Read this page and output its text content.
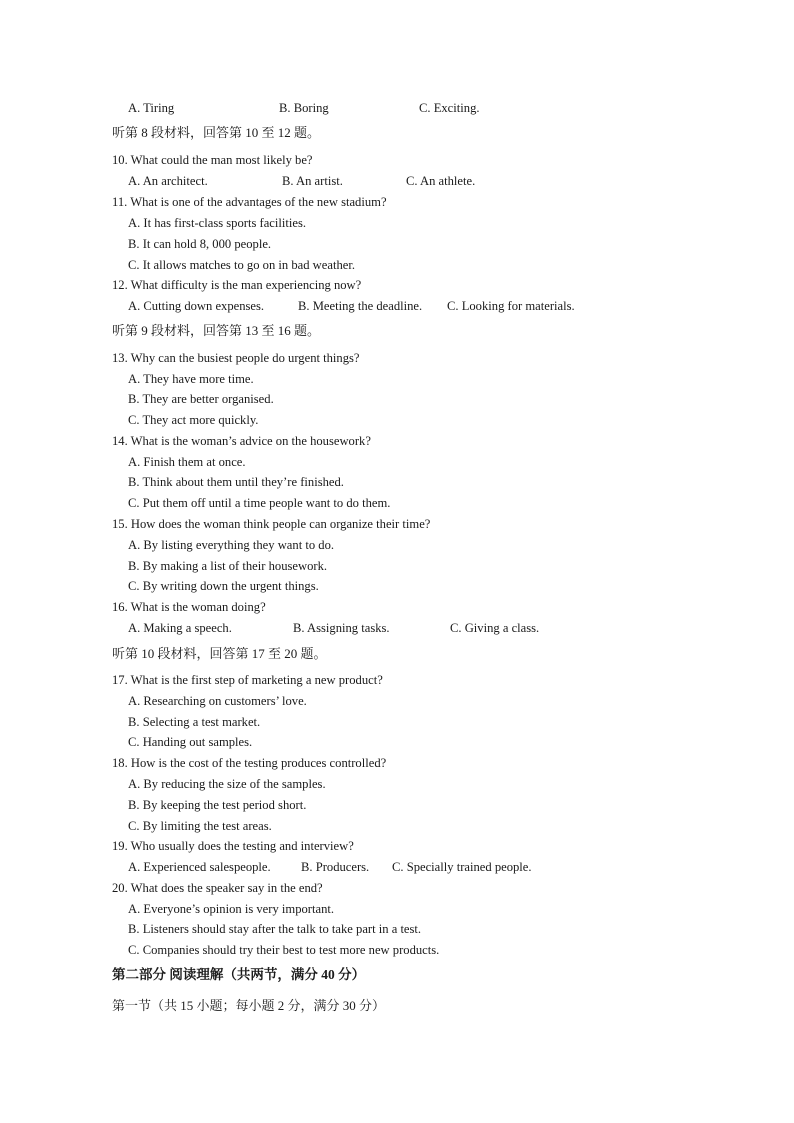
A. Tiring	B. Boring	C. Exciting.
听第 8 段材料，回答第 10 至 12 题。
10. What could the man most likely be?
A. An architect.	B. An artist.	C. An athlete.
11. What is one of the advantages of the new stadium?
A. It has first-class sports facilities.
B. It can hold 8, 000 people.
C. It allows matches to go on in bad weather.
12. What difficulty is the man experiencing now?
A. Cutting down expenses.	B. Meeting the deadline. C. Looking for materials.
听第 9 段材料，回答第 13 至 16 题。
13. Why can the busiest people do urgent things?
A. They have more time.
B. They are better organised.
C. They act more quickly.
14. What is the woman’s advice on the housework?
A. Finish them at once.
B. Think about them until they’re finished.
C. Put them off until a time people want to do them.
15. How does the woman think people can organize their time?
A. By listing everything they want to do.
B. By making a list of their housework.
C. By writing down the urgent things.
16. What is the woman doing?
A. Making a speech.	B. Assigning tasks.	C. Giving a class.
听第 10 段材料，回答第 17 至 20 题。
17. What is the first step of marketing a new product?
A. Researching on customers’ love.
B. Selecting a test market.
C. Handing out samples.
18. How is the cost of the testing produces controlled?
A. By reducing the size of the samples.
B. By keeping the test period short.
C. By limiting the test areas.
19. Who usually does the testing and interview?
A. Experienced salespeople. B. Producers. C. Specially trained people.
20. What does the speaker say in the end?
A. Everyone’s opinion is very important.
B. Listeners should stay after the talk to take part in a test.
C. Companies should try their best to test more new products.
第二部分 阅读理解（共两节，满分 40 分）
第一节（共 15 小题；每小题 2 分，满分 30 分）
